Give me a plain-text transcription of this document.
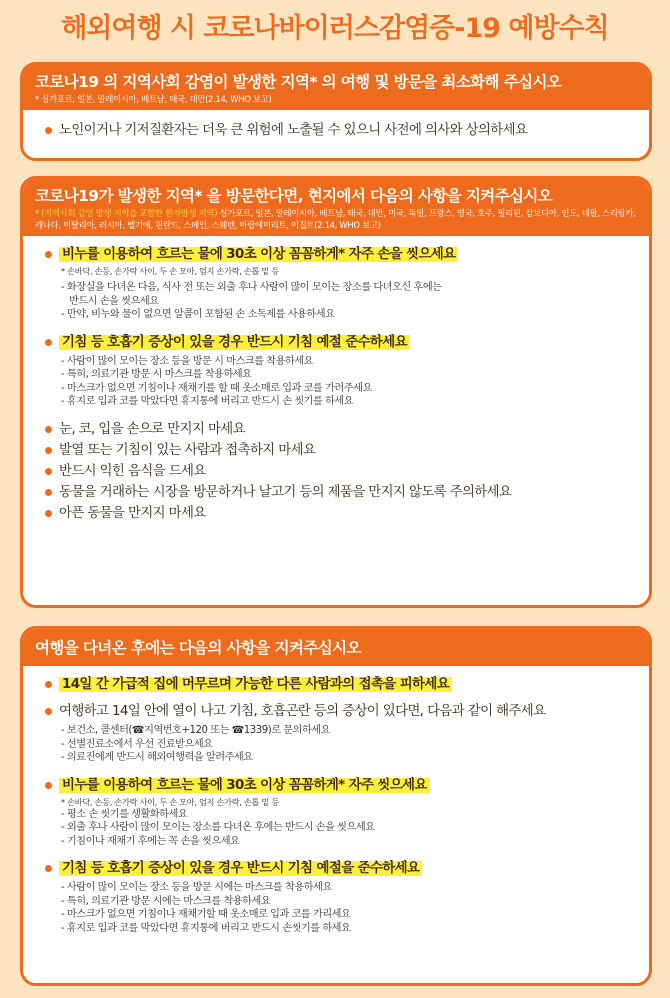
해외여행 시 코로나바이러스감염증-19 예방수칙
코로나19 의 지역사회 감염이 발생한 지역* 의 여행 및 방문을 최소화해 주십시오
* 싱가포르, 일본, 말레이시아, 베트남, 태국, 대만(2.14, WHO 보고)
노인이거나 기저질환자는 더욱 큰 위험에 노출될 수 있으니 사전에 의사와 상의하세요
코로나19가 발생한 지역* 을 방문한다면, 현지에서 다음의 사항을 지켜주십시오
* (지역사회 감염 발생 지역을 포함한 환자발생 지역) 싱가포르, 일본, 말레이시아, 베트남, 태국, 대만, 미국, 독일, 프랑스, 영국, 호주, 필리핀, 캄보디아, 인도, 네팔, 스리랑카, 캐나다, 이탈리아, 러시아, 벨기에, 핀란드, 스페인, 스웨덴, 아랍에미리트, 이집트(2.14, WHO 보고)
비누를 이용하여 흐르는 물에 30초 이상 꼼꼼하게* 자주 손을 씻으세요
* 손바닥, 손등, 손가락 사이, 두 손 모아, 엄지 손가락, 손톱 밑 등
- 화장실을 다녀온 다음, 식사 전 또는 외출 후나 사람이 많이 모이는 장소를 다녀오신 후에는
반드시 손을 씻으세요
- 만약, 비누와 물이 없으면 알콜이 포함된 손 소독제를 사용하세요
기침 등 호흡기 증상이 있을 경우 반드시 기침 예절 준수하세요
- 사람이 많이 모이는 장소 등을 방문 시 마스크를 착용하세요
- 특히, 의료기관 방문 시 마스크를 착용하세요
- 마스크가 없으면 기침이나 재채기를 할 때 옷소매로 입과 코를 가려주세요
- 휴지로 입과 코를 막았다면 휴지통에 버리고 반드시 손 씻기를 하세요
눈, 코, 입을 손으로 만지지 마세요
발열 또는 기침이 있는 사람과 접촉하지 마세요
반드시 익힌 음식을 드세요
동물을 거래하는 시장을 방문하거나 날고기 등의 제품을 만지지 않도록 주의하세요
아픈 동물을 만지지 마세요
여행을 다녀온 후에는 다음의 사항을 지켜주십시오
14일 간 가급적 집에 머무르며 가능한 다른 사람과의 접촉을 피하세요
여행하고 14일 안에 열이 나고 기침, 호흡곤란 등의 증상이 있다면, 다음과 같이 해주세요
- 보건소, 콜센터(☎지역번호+120 또는 ☎1339)로 문의하세요
- 선별진료소에서 우선 진료받으세요
- 의료진에게 반드시 해외여행력을 알려주세요
비누를 이용하여 흐르는 물에 30초 이상 꼼꼼하게* 자주 씻으세요
* 손바닥, 손등, 손가락 사이, 두 손 모아, 엄지 손가락, 손톱 밑 등
- 평소 손 씻기를 생활화하세요
- 외출 후나 사람이 많이 모이는 장소를 다녀온 후에는 반드시 손을 씻으세요
- 기침이나 재채기 후에는 꼭 손을 씻으세요
기침 등 호흡기 증상이 있을 경우 반드시 기침 예절을 준수하세요
- 사람이 많이 모이는 장소 등을 방문 시에는 마스크를 착용하세요
- 특히, 의료기관 방문 시에는 마스크를 착용하세요
- 마스크가 없으면 기침이나 재채기할 때 옷소매로 입과 코를 가리세요
- 휴지로 입과 코를 막았다면 휴지통에 버리고 반드시 손씻기를 하세요
